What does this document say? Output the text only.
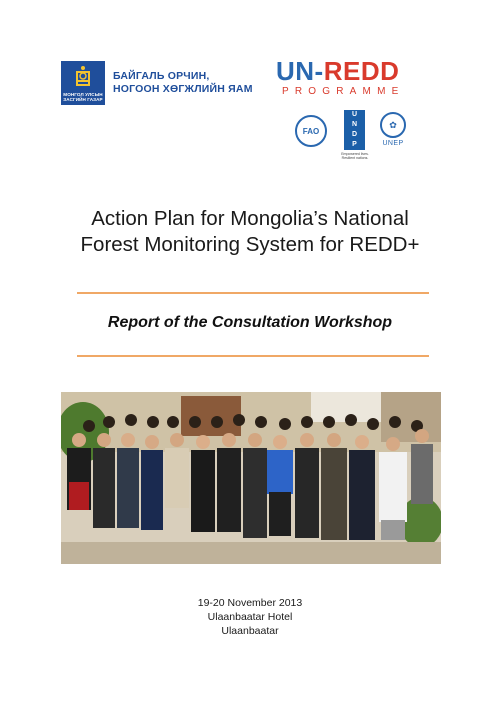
МОНГОЛ УЛСЫН
ЗАСГИЙН ГАЗАР
БАЙГАЛЬ ОРЧИН,
НОГООН ХӨГЖЛИЙН ЯАМ
UN-REDD
PROGRAMME
FAO
U
N
D
P
Empowered lives. Resilient nations.
✿
UNEP
Action Plan for Mongolia’s National
Forest Monitoring System for REDD+
Report of the Consultation Workshop
19-20 November 2013
Ulaanbaatar Hotel
Ulaanbaatar
